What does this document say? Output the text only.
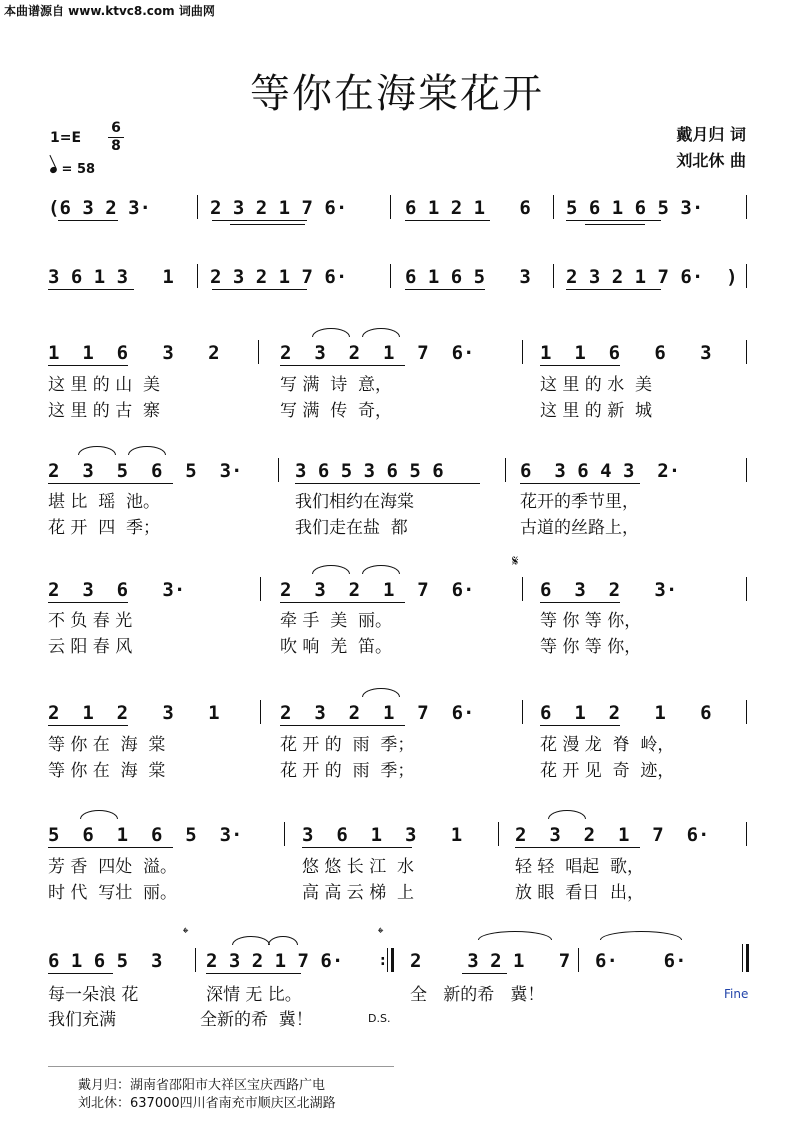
本曲谱源自 www.ktvc8.com 词曲网
等你在海棠花开
1=E
6
8
= 58
戴月归 词
刘北休 曲
(6 3 2 3·	2 3 2 1 7 6·	6 1 2 1   6 5 6 1 6 5 3·
3 6 1 3   1 2 3 2 1 7 6·	6 1 6 5   3 2 3 2 1 7 6·  )
1  1  6   3   2	2  3  2  1  7  6·	1  1  6   6   3
这 里 的 山  美	写 满  诗  意，	这 里 的 水  美
这 里 的 古  寨	写 满  传  奇，	这 里 的 新  城
2  3  5  6  5  3·	3 6 5 3 6 5 6	6  3 6 4 3  2·
堪 比  瑶  池。	我们相约在海棠	花开的季节里，
花 开  四  季；	我们走在盐  都	古道的丝路上，
𝄋
2  3  6   3·	2  3  2  1  7  6·	6  3  2   3·
不 负 春 光	牵 手  美  丽。	等 你 等 你，
云 阳 春 风	吹 响  羌  笛。	等 你 等 你，
2  1  2   3   1	2  3  2  1  7  6·	6  1  2   1   6
等 你 在  海  棠	花 开 的  雨  季；	花 漫 龙  脊  岭，
等 你 在  海  棠	花 开 的  雨  季；	花 开 见  奇  迹，
5  6  1  6  5  3·	3  6  1  3   1	2  3  2  1  7  6·
芳 香  四处  溢。	悠 悠 长 江  水	轻 轻  唱起  歌，
时 代  写壮  丽。	高 高 云 梯  上	放 眼  看日  出，
𝄌	𝄌
6 1 6 5  3 2 3 2 1 7 6·	: 2    3 2 1   7 6·    6·
每一朵浪 花	深情 无 比。	全   新的希   冀！	Fine
我们充满	全新的希  冀！	D.S.
戴月归：湖南省邵阳市大祥区宝庆西路广电
刘北休：637000四川省南充市顺庆区北湖路
